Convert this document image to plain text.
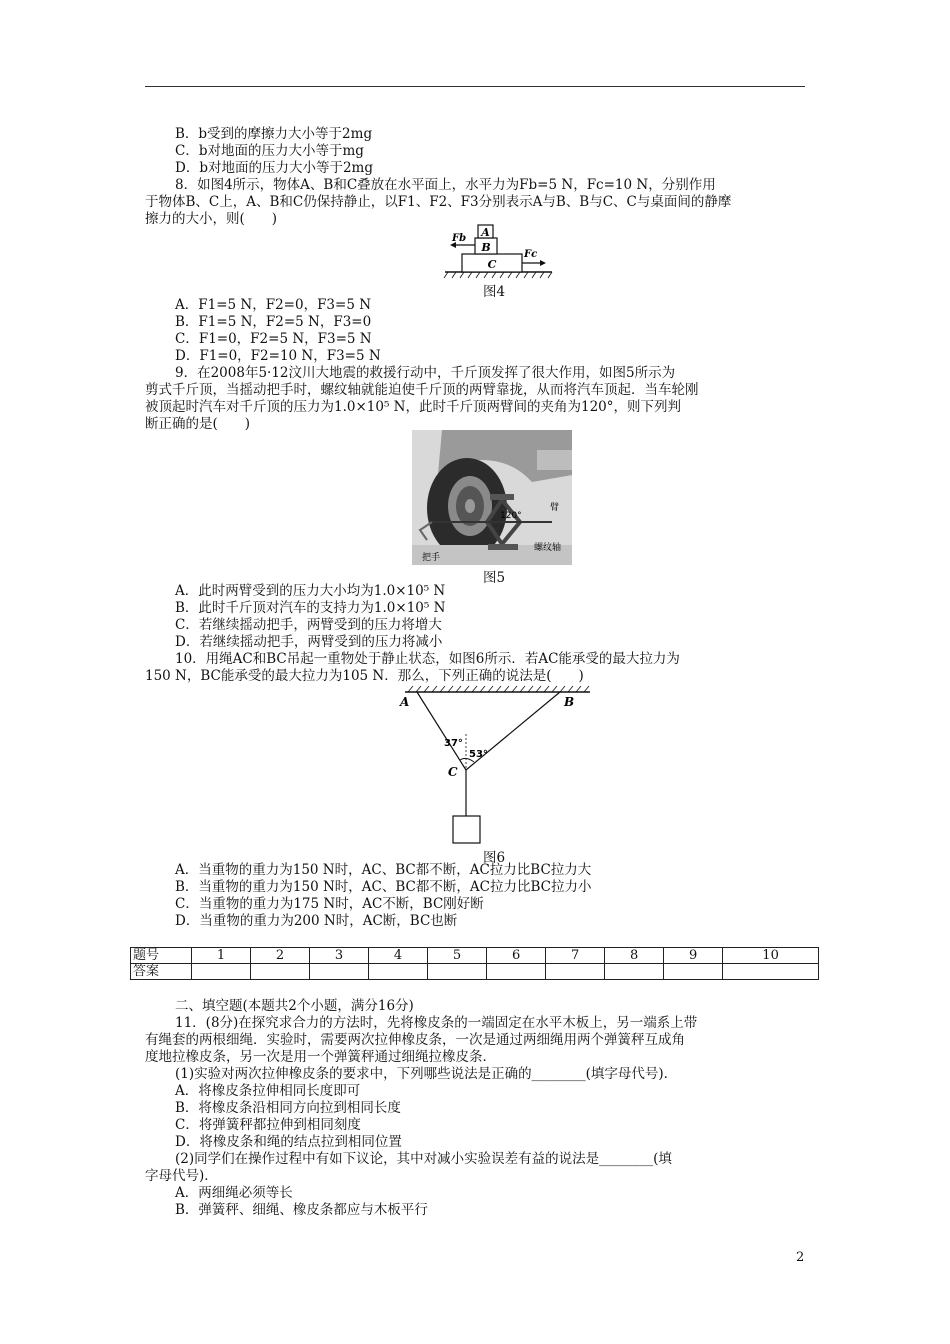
B．b受到的摩擦力大小等于2mg
C．b对地面的压力大小等于mg
D．b对地面的压力大小等于2mg
8．如图4所示，物体A、B和C叠放在水平面上，水平力为Fb=5 N，Fc=10 N，分别作用
于物体B、C上，A、B和C仍保持静止，以F1、F2、F3分别表示A与B、B与C、C与桌面间的静摩
擦力的大小，则(　　)
A
B
C
Fb
Fc
图4
A．F1=5 N，F2=0，F3=5 N
B．F1=5 N，F2=5 N，F3=0
C．F1=0，F2=5 N，F3=5 N
D．F1=0，F2=10 N，F3=5 N
9．在2008年5·12汶川大地震的救援行动中，千斤顶发挥了很大作用，如图5所示为
剪式千斤顶，当摇动把手时，螺纹轴就能迫使千斤顶的两臂靠拢，从而将汽车顶起．当车轮刚
被顶起时汽车对千斤顶的压力为1.0×10⁵ N，此时千斤顶两臂间的夹角为120°，则下列判
断正确的是(　　)
120°
臂
把手
螺纹轴
图5
A．此时两臂受到的压力大小均为1.0×10⁵ N
B．此时千斤顶对汽车的支持力为1.0×10⁵ N
C．若继续摇动把手，两臂受到的压力将增大
D．若继续摇动把手，两臂受到的压力将减小
10．用绳AC和BC吊起一重物处于静止状态，如图6所示．若AC能承受的最大拉力为
150 N，BC能承受的最大拉力为105 N．那么，下列正确的说法是(　　)
A	B
C
37°
53°
图6
A．当重物的重力为150 N时，AC、BC都不断，AC拉力比BC拉力大
B．当重物的重力为150 N时，AC、BC都不断，AC拉力比BC拉力小
C．当重物的重力为175 N时，AC不断，BC刚好断
D．当重物的重力为200 N时，AC断，BC也断
题号	1	2	3	4	5	6	7	8	9	10
答案										
二、填空题(本题共2个小题，满分16分)
11．(8分)在探究求合力的方法时，先将橡皮条的一端固定在水平木板上，另一端系上带
有绳套的两根细绳．实验时，需要两次拉伸橡皮条，一次是通过两细绳用两个弹簧秤互成角
度地拉橡皮条，另一次是用一个弹簧秤通过细绳拉橡皮条．
(1)实验对两次拉伸橡皮条的要求中，下列哪些说法是正确的________(填字母代号)．
A．将橡皮条拉伸相同长度即可
B．将橡皮条沿相同方向拉到相同长度
C．将弹簧秤都拉伸到相同刻度
D．将橡皮条和绳的结点拉到相同位置
(2)同学们在操作过程中有如下议论，其中对减小实验误差有益的说法是________(填
字母代号)．
A．两细绳必须等长
B．弹簧秤、细绳、橡皮条都应与木板平行
2
